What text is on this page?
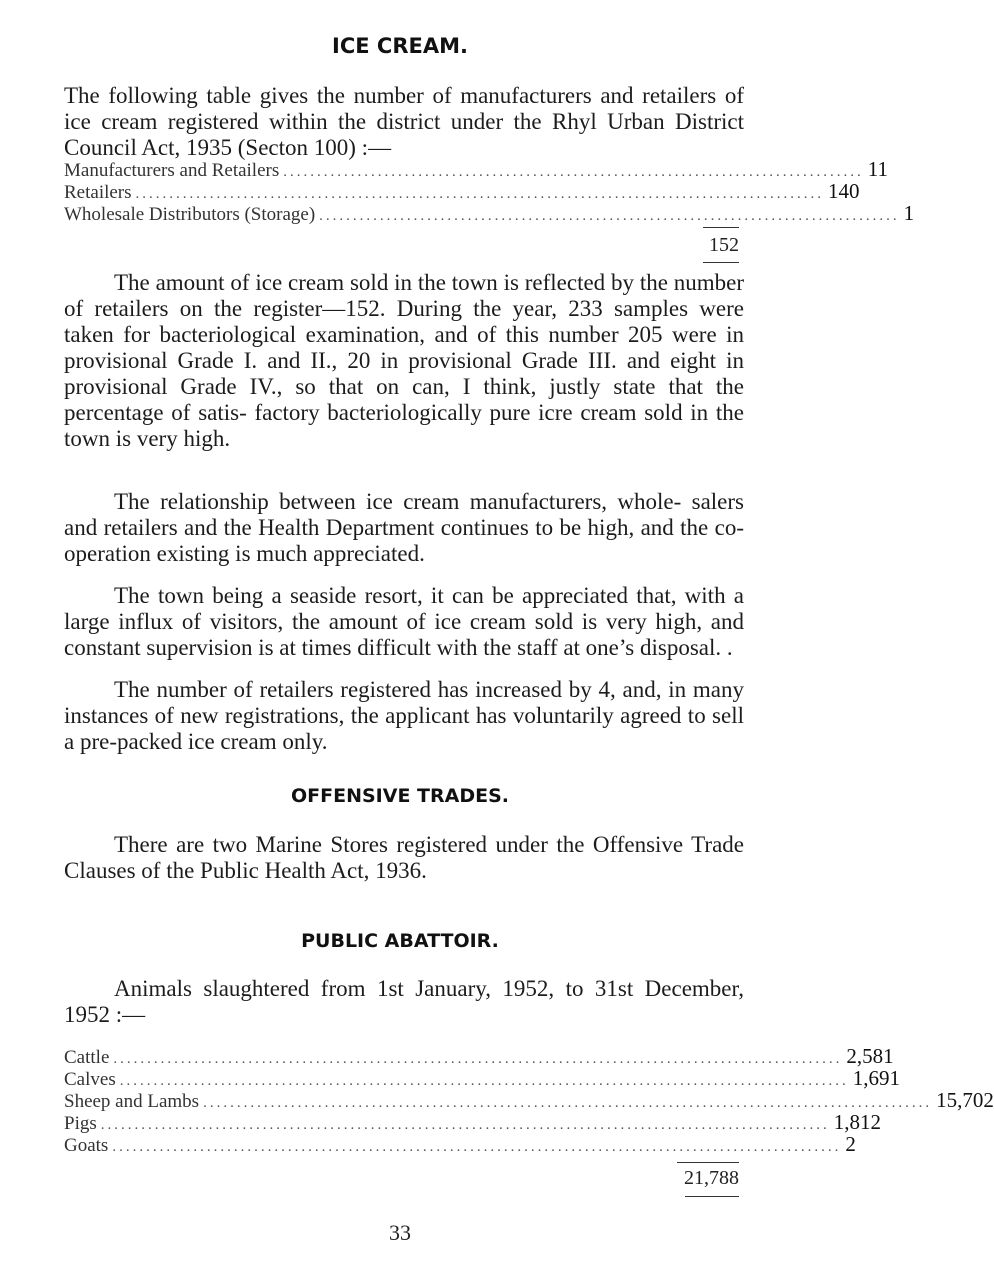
ICE CREAM.
The following table gives the number of manufacturers and retailers of ice cream registered within the district under the Rhyl Urban District Council Act, 1935 (Secton 100) :—
Manufacturers and Retailers ...................................................................................... 11
Retailers ...................................................................................................... 140
Wholesale Distributors (Storage) ...................................................................................... 1
152
The amount of ice cream sold in the town is reflected by the number of retailers on the register—152. During the year, 233 samples were taken for bacteriological examination, and of this number 205 were in provisional Grade I. and II., 20 in provisional Grade III. and eight in provisional Grade IV., so that on can, I think, justly state that the percentage of satis- factory bacteriologically pure icre cream sold in the town is very high.
The relationship between ice cream manufacturers, whole- salers and retailers and the Health Department continues to be high, and the co-operation existing is much appreciated.
The town being a seaside resort, it can be appreciated that, with a large influx of visitors, the amount of ice cream sold is very high, and constant supervision is at times difficult with the staff at one’s disposal. .
The number of retailers registered has increased by 4, and, in many instances of new registrations, the applicant has voluntarily agreed to sell a pre-packed ice cream only.
OFFENSIVE TRADES.
There are two Marine Stores registered under the Offensive Trade Clauses of the Public Health Act, 1936.
PUBLIC ABATTOIR.
Animals slaughtered from 1st January, 1952, to 31st December, 1952 :—
Cattle ............................................................................................................ 2,581
Calves ............................................................................................................ 1,691
Sheep and Lambs ............................................................................................................ 15,702
Pigs ............................................................................................................ 1,812
Goats ............................................................................................................ 2
21,788
33
